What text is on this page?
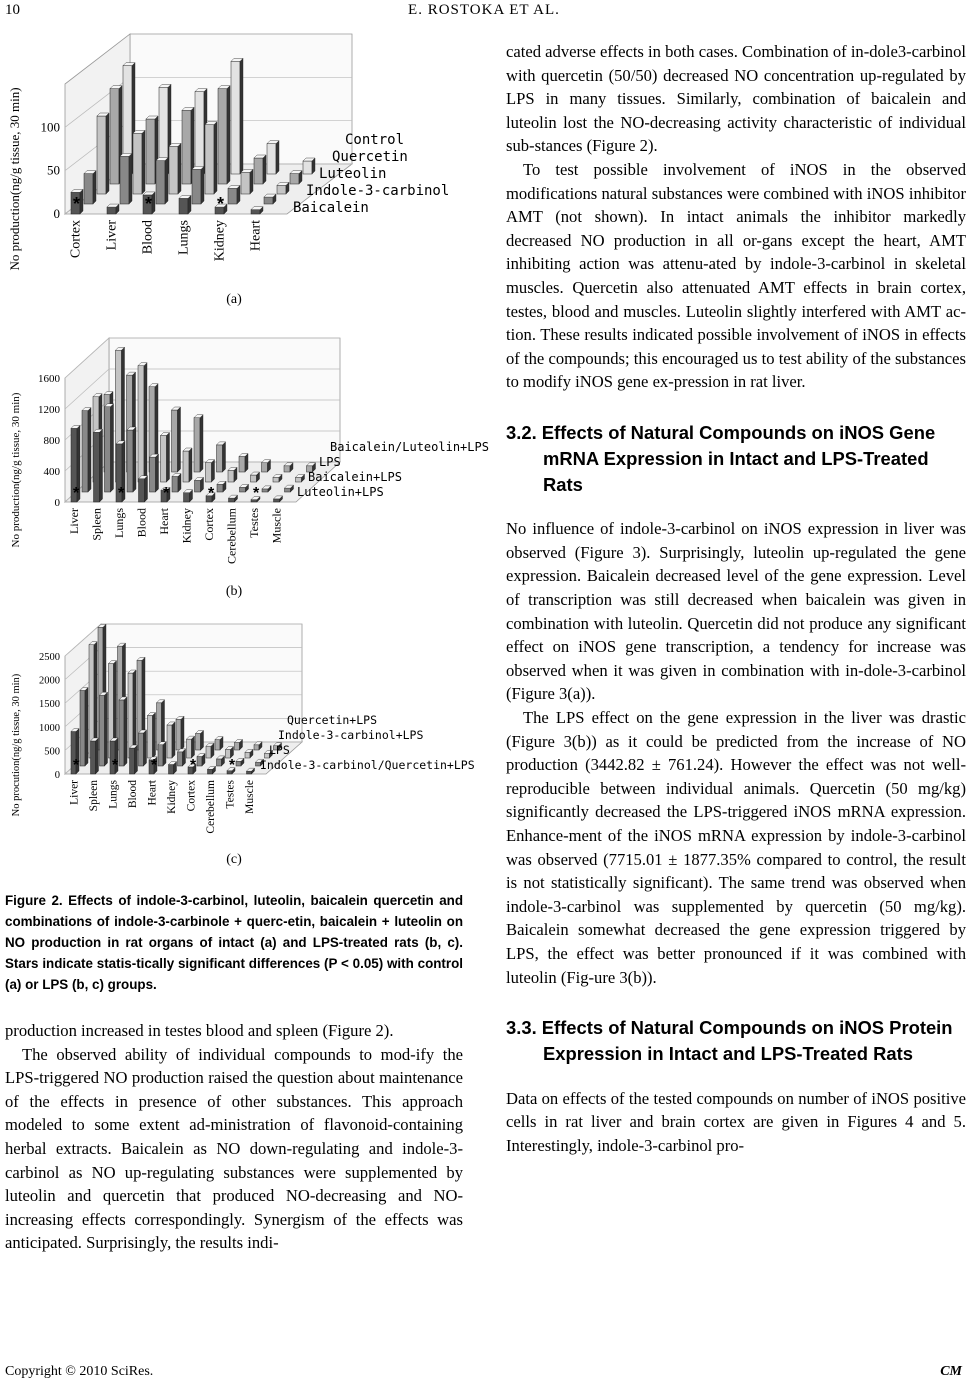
10	E. ROSTOKA ET AL.
0
50
100
No production(ng/g tissue, 30 min)	Control
Quercetin
Luteolin
Indole-3-carbinol
Baicalein
*	*	*
Cortex Liver Blood Lungs Kidney Heart
(a)
0
400
800
1200
1600
No production(ng/g tissue, 30 min)	Baicalein/Luteolin+LPS
LPS
Baicalein+LPS
Luteolin+LPS
* * * * *
Liver Spleen Lungs Blood Heart Kidney Cortex Cerebellum Testes Muscle
(b)
0
500
1000
1500
2000
2500
No procution(ng/g tissue, 30 min)	Quercetin+LPS
Indole-3-carbinol+LPS
LPS
Indole-3-carbinol/Quercetin+LPS
* * * * *
Liver Spleen Lungs Blood Heart Kidney Cortex Cerebellum Testes Muscle
(c)
Figure 2. Effects of indole-3-carbinol, luteolin, baicalein quercetin and combinations of indole-3-carbinole + querc-etin, baicalein + luteolin on NO production in rat organs of intact (a) and LPS-treated rats (b, c). Stars indicate statis-tically significant differences (P < 0.05) with control (a) or LPS (b, c) groups.

production increased in testes blood and spleen (Figure 2).

The observed ability of individual compounds to mod-ify the LPS-triggered NO production raised the question about maintenance of the effects in presence of other substances. This approach modeled to some extent ad-ministration of flavonoid-containing herbal extracts. Baicalein as NO down-regulating and indole-3-carbinol as NO up-regulating substances were supplemented by luteolin and quercetin that produced NO-decreasing and NO-increasing effects correspondingly. Synergism of the effects was anticipated. Surprisingly, the results indi-

cated adverse effects in both cases. Combination of in-dole3-carbinol with quercetin (50/50) decreased NO concentration up-regulated by LPS in many tissues. Similarly, combination of baicalein and luteolin lost the NO-decreasing activity characteristic of individual sub-stances (Figure 2).

To test possible involvement of iNOS in the observed modifications natural substances were combined with iNOS inhibitor AMT (not shown). In intact animals the inhibitor markedly decreased NO production in all or-gans except the heart, AMT inhibiting action was attenu-ated by indole-3-carbinol in skeletal muscles. Quercetin also attenuated AMT effects in brain cortex, testes, blood and muscles. Luteolin slightly interfered with AMT ac-tion. These results indicated possible involvement of iNOS in effects of the compounds; this encouraged us to test ability of the substances to modify iNOS gene ex-pression in rat liver.

3.2. Effects of Natural Compounds on iNOS Gene mRNA Expression in Intact and LPS-Treated Rats

No influence of indole-3-carbinol on iNOS expression in liver was observed (Figure 3). Surprisingly, luteolin up-regulated the gene expression. Baicalein decreased level of the gene expression. Level of transcription was still decreased when baicalein was given in combination with luteolin. Quercetin did not produce any significant effect on iNOS gene transcription, a tendency for increase was observed when it was given in combination with in-dole-3-carbinol (Figure 3(a)).

The LPS effect on the gene expression in the liver was drastic (Figure 3(b)) as it could be predicted from the increase of NO production (3442.82 ± 761.24). However the effect was not well-reproducible between individual animals. Quercetin (50 mg/kg) significantly decreased the LPS-triggered iNOS mRNA expression. Enhance-ment of the iNOS mRNA expression by indole-3-carbinol was observed (7715.01 ± 1877.35% compared to control, the result is not statistically significant). The same trend was observed when indole-3-carbinol was supplemented by quercetin (50 mg/kg). Baicalein somewhat decreased the gene expression triggered by LPS, the effect was better pronounced if it was combined with luteolin (Fig-ure 3(b)).

3.3. Effects of Natural Compounds on iNOS Protein Expression in Intact and LPS-Treated Rats

Data on effects of the tested compounds on number of iNOS positive cells in rat liver and brain cortex are given in Figures 4 and 5. Interestingly, indole-3-carbinol pro-

Copyright © 2010 SciRes.	CM
